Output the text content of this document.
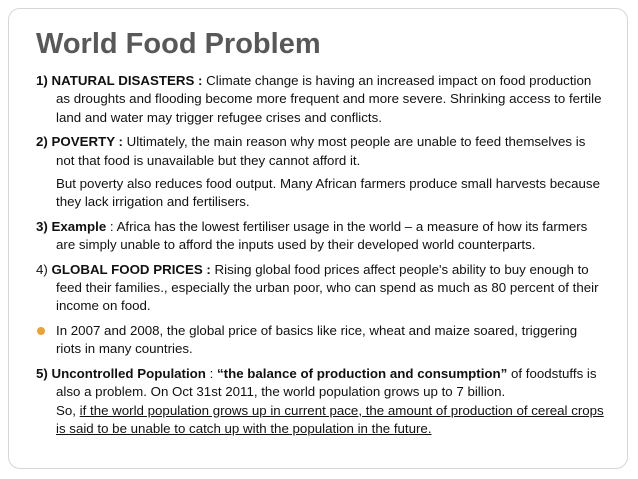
World Food Problem
1) NATURAL DISASTERS : Climate change is having an increased impact on food production
as droughts and flooding become more frequent and more severe. Shrinking access to fertile
land and water may trigger refugee crises and conflicts.
2) POVERTY : Ultimately, the main reason why most people are unable to feed themselves is
not that food is unavailable but they cannot afford it.
But poverty also reduces food output. Many African farmers produce small harvests because
they lack irrigation and fertilisers.
3) Example : Africa has the lowest fertiliser usage in the world – a measure of how its farmers
are simply unable to afford the inputs used by their developed world counterparts.
4) GLOBAL FOOD PRICES : Rising global food prices affect people's ability to buy enough to
feed their families., especially the urban poor, who can spend as much as 80 percent of their
income on food.
In 2007 and 2008, the global price of basics like rice, wheat and maize soared, triggering
riots in many countries.
5) Uncontrolled Population : “the balance of production and consumption” of foodstuffs is
also a problem. On Oct 31st 2011, the world population grows up to 7 billion.
So, if the world population grows up in current pace, the amount of production of cereal crops
is said to be unable to catch up with the population in the future.
